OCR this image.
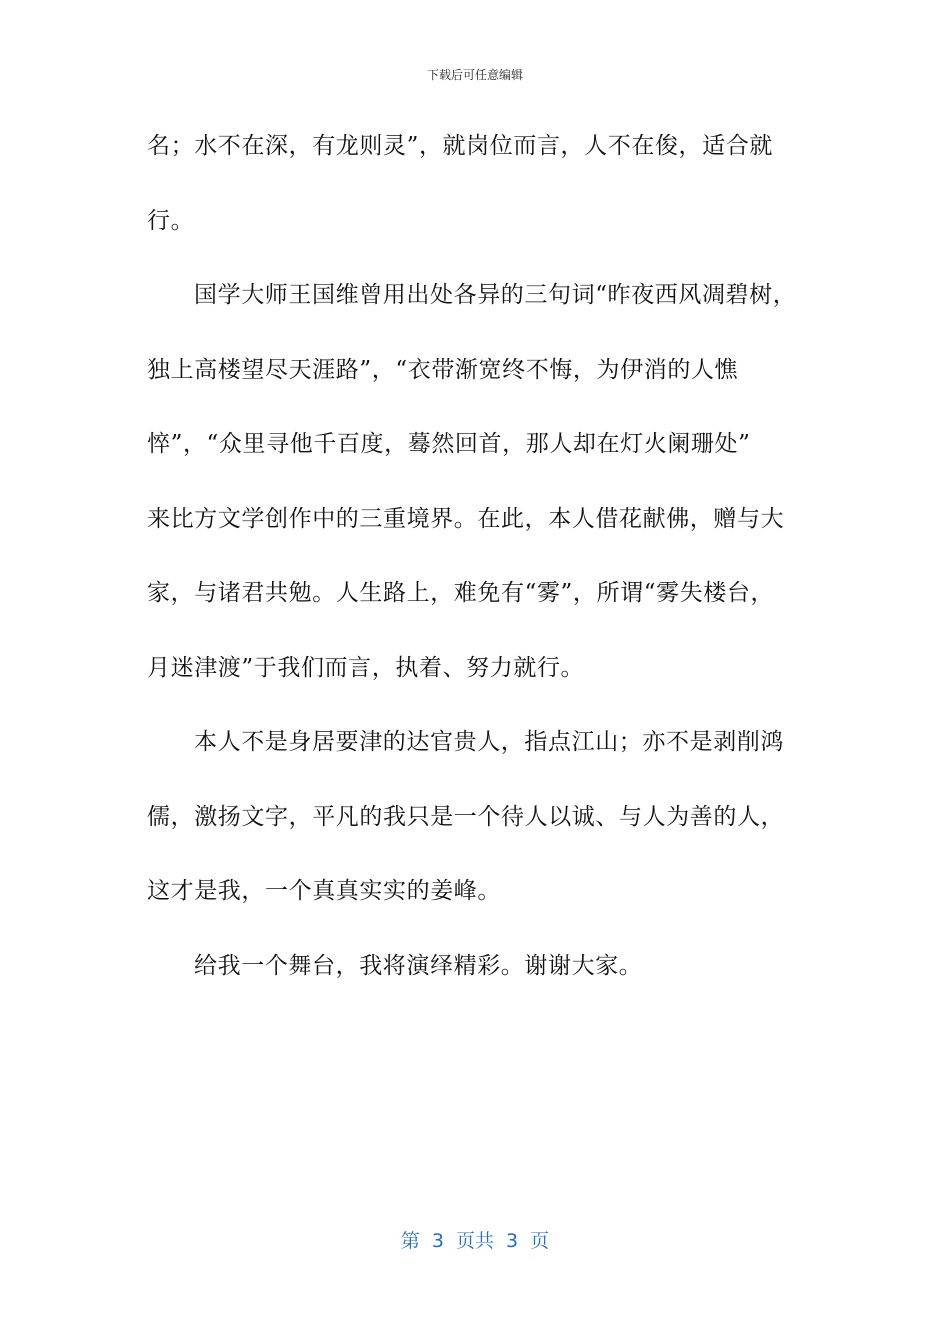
下载后可任意编辑
名；水不在深，有龙则灵”，就岗位而言，人不在俊，适合就
行。
国学大师王国维曾用出处各异的三句词“昨夜西风凋碧树，
独上高楼望尽天涯路”，“衣带渐宽终不悔，为伊消的人憔
悴”，“众里寻他千百度，蓦然回首，那人却在灯火阑珊处”
来比方文学创作中的三重境界。在此，本人借花献佛，赠与大
家，与诸君共勉。人生路上，难免有“雾”，所谓“雾失楼台，
月迷津渡”于我们而言，执着、努力就行。
本人不是身居要津的达官贵人，指点江山；亦不是剥削鸿
儒，激扬文字，平凡的我只是一个待人以诚、与人为善的人，
这才是我，一个真真实实的姜峰。
给我一个舞台，我将演绎精彩。谢谢大家。
第 3 页共 3 页
